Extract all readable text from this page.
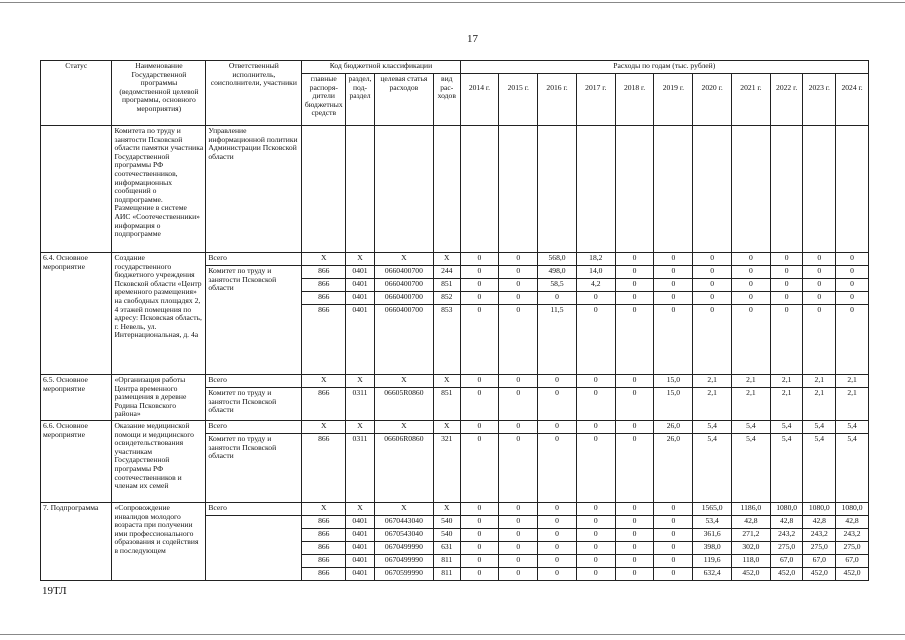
17
Статус	Наименование Государственной программы (ведомственной целевой программы, основного мероприятия)	Ответственный исполнитель, соисполнители, участники	Код бюджетной классификации				Расходы по годам (тыс. рублей)										
			главные распоря-дители бюджетных средств	раздел, под-раздел	целевая статья расходов	вид рас-ходов	2014 г.	2015 г.	2016 г.	2017 г.	2018 г.	2019 г.	2020 г.	2021 г.	2022 г.	2023 г.	2024 г.
	Комитета по труду и занятости Псковской области памятки участника Государственной программы РФ соотечественников, информационных сообщений о подпрограмме. Размещение в системе АИС «Соотечественники» информация о подпрограмме	Управление информационной политики Администрации Псковской области															
6.4. Основное мероприятие	Создание государственного бюджетного учреждения Псковской области «Центр временного размещения» на свободных площадях 2, 4 этажей помещения по адресу: Псковская область, г. Невель, ул. Интернациональная, д. 4а	Всего	X	X	X	X	0	0	568,0	18,2	0	0	0	0	0	0	0
		Комитет по труду и занятости Псковской области	866	0401	0660400700	244	0	0	498,0	14,0	0	0	0	0	0	0	0
			866	0401	0660400700	851	0	0	58,5	4,2	0	0	0	0	0	0	0
			866	0401	0660400700	852	0	0	0	0	0	0	0	0	0	0	0
			866	0401	0660400700	853	0	0	11,5	0	0	0	0	0	0	0	0
6.5. Основное мероприятие	«Организация работы Центра временного размещения в деревне Родина Псковского района»	Всего	X	X	X	X	0	0	0	0	0	15,0	2,1	2,1	2,1	2,1	2,1
		Комитет по труду и занятости Псковской области	866	0311	06605R0860	851	0	0	0	0	0	15,0	2,1	2,1	2,1	2,1	2,1
6.6. Основное мероприятие	Оказание медицинской помощи и медицинского освидетельствования участникам Государственной программы РФ соотечественников и членам их семей	Всего	X	X	X	X	0	0	0	0	0	26,0	5,4	5,4	5,4	5,4	5,4
		Комитет по труду и занятости Псковской области	866	0311	06606R0860	321	0	0	0	0	0	26,0	5,4	5,4	5,4	5,4	5,4
7. Подпрограмма	«Сопровождение инвалидов молодого возраста при получении ими профессионального образования и содействия в последующем	Всего	X	X	X	X	0	0	0	0	0	0	1565,0	1186,0	1080,0	1080,0	1080,0
			866	0401	0670443040	540	0	0	0	0	0	0	53,4	42,8	42,8	42,8	42,8
			866	0401	0670543040	540	0	0	0	0	0	0	361,6	271,2	243,2	243,2	243,2
			866	0401	0670499990	631	0	0	0	0	0	0	398,0	302,0	275,0	275,0	275,0
			866	0401	0670499990	811	0	0	0	0	0	0	119,6	118,0	67,0	67,0	67,0
			866	0401	0670599990	811	0	0	0	0	0	0	632,4	452,0	452,0	452,0	452,0
19ТЛ
